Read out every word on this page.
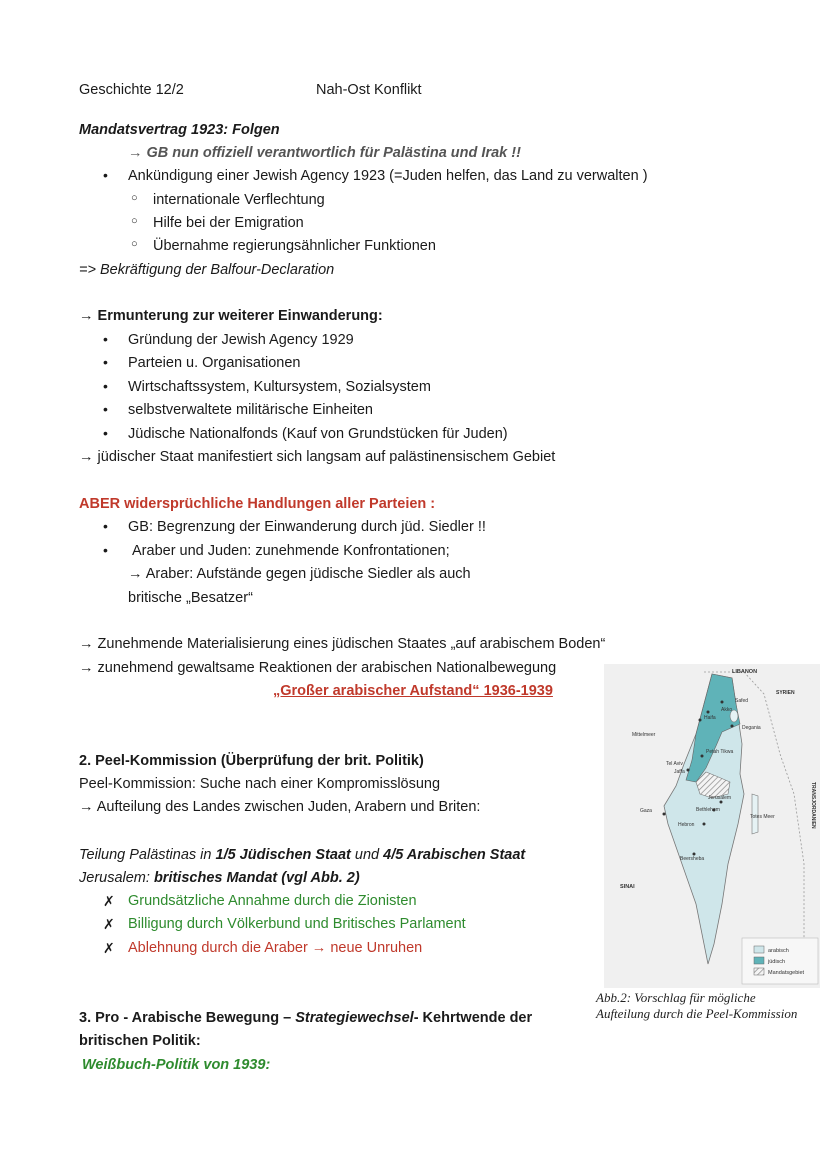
Geschichte 12/2	Nah-Ost Konflikt
Mandatsvertrag 1923: Folgen
→ GB nun offiziell verantwortlich für Palästina und Irak !!
• Ankündigung einer Jewish Agency 1923 (=Juden helfen, das Land zu verwalten )
○ internationale Verflechtung
○ Hilfe bei der Emigration
○ Übernahme regierungsähnlicher Funktionen
=> Bekräftigung der Balfour-Declaration
→ Ermunterung zur weiterer Einwanderung:
• Gründung der Jewish Agency 1929
• Parteien u. Organisationen
• Wirtschaftssystem, Kultursystem, Sozialsystem
• selbstverwaltete militärische Einheiten
• Jüdische Nationalfonds (Kauf von Grundstücken für Juden)
→ jüdischer Staat manifestiert sich langsam auf palästinensischem Gebiet
ABER widersprüchliche Handlungen aller Parteien :
• GB: Begrenzung der Einwanderung durch jüd. Siedler !!
• Araber und Juden: zunehmende Konfrontationen;
→ Araber: Aufstände gegen jüdische Siedler als auch
britische „Besatzer“
→ Zunehmende Materialisierung eines jüdischen Staates „auf arabischem Boden“
→ zunehmend gewaltsame Reaktionen der arabischen Nationalbewegung
„Großer arabischer Aufstand“ 1936-1939
2. Peel-Kommission (Überprüfung der brit. Politik)
Peel-Kommission: Suche nach einer Kompromisslösung
→ Aufteilung des Landes zwischen Juden, Arabern und Briten:
Teilung Palästinas in 1/5 Jüdischen Staat und 4/5 Arabischen Staat
Jerusalem: britisches Mandat (vgl Abb. 2)
✗ Grundsätzliche Annahme durch die Zionisten
✗ Billigung durch Völkerbund und Britisches Parlament
✗ Ablehnung durch die Araber → neue Unruhen
3. Pro - Arabische Bewegung – Strategiewechsel- Kehrtwende der
britischen Politik:
Weißbuch-Politik von 1939:
LIBANON
SYRIEN
Safed
Akko
Haifa
Degania
Mittelmeer
Petah Tikwa
Tel Aviv
Jaffa
Jerusalem
Bethlehem
Hebron
Gaza
Totes Meer	TRANSJORDANIEN
Beersheba
SINAI
arabisch
jüdisch
Mandatsgebiet
Abb.2: Vorschlag für mögliche
Aufteilung durch die Peel-Kommission
